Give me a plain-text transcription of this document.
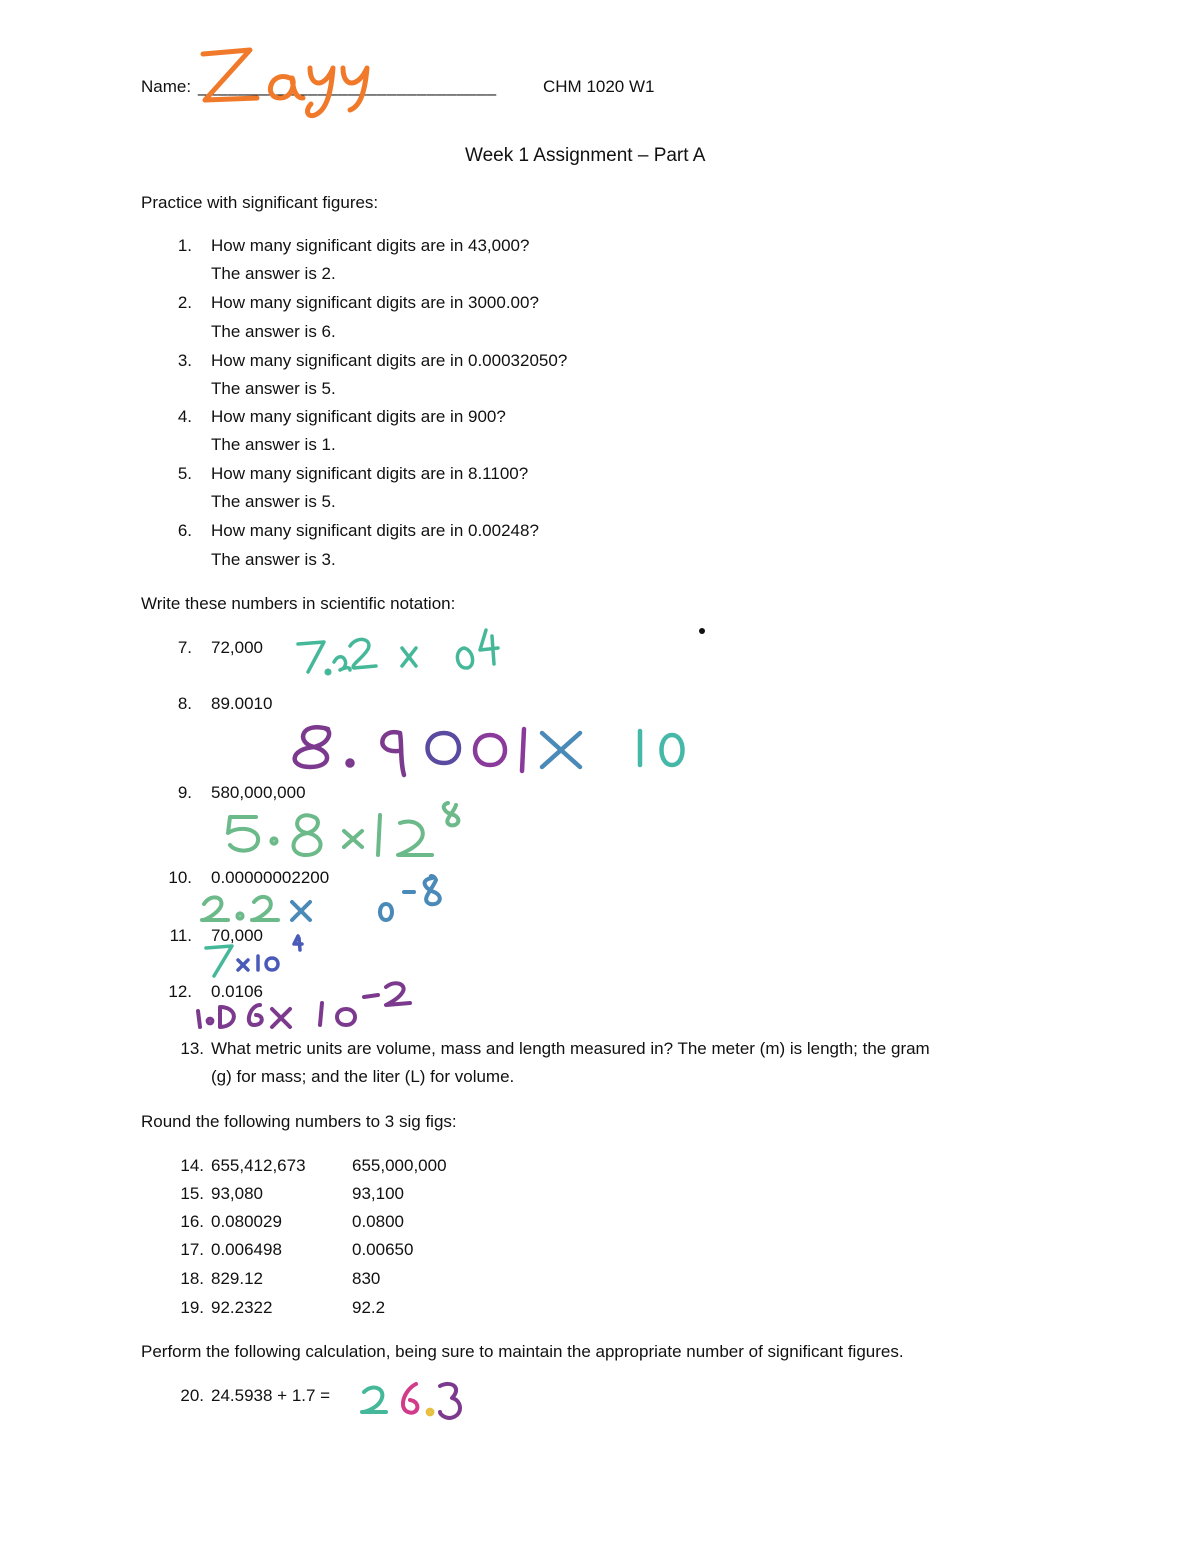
Name: ______________________________	CHM 1020 W1
Week 1 Assignment – Part A
Practice with significant figures:
1. How many significant digits are in 43,000?
The answer is 2.
2. How many significant digits are in 3000.00?
The answer is 6.
3. How many significant digits are in 0.00032050?
The answer is 5.
4. How many significant digits are in 900?
The answer is 1.
5. How many significant digits are in 8.1100?
The answer is 5.
6. How many significant digits are in 0.00248?
The answer is 3.
Write these numbers in scientific notation:
7. 72,000
8. 89.0010
9. 580,000,000
10. 0.00000002200
11. 70,000
12. 0.0106
13. What metric units are volume, mass and length measured in? The meter (m) is length; the gram
(g) for mass; and the liter (L) for volume.
Round the following numbers to 3 sig figs:
14. 655,412,673	655,000,000
15. 93,080	93,100
16. 0.080029	0.0800
17. 0.006498	0.00650
18. 829.12	830
19. 92.2322	92.2
Perform the following calculation, being sure to maintain the appropriate number of significant figures.
20. 24.5938 + 1.7 =
